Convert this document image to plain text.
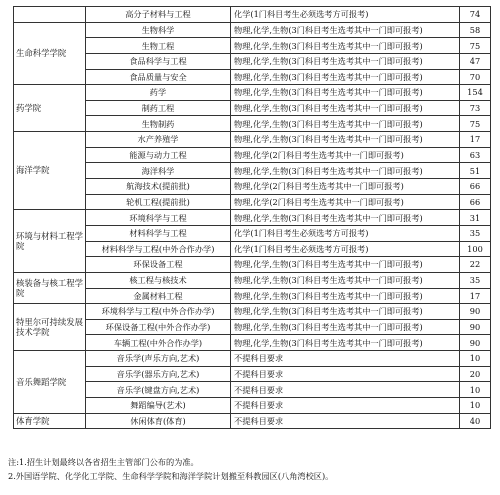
	高分子材料与工程	化学(1门科目考生必须选考方可报考)	74
生命科学学院	生物科学	物理,化学,生物(3门科目考生选考其中一门即可报考)	58
	生物工程	物理,化学,生物(3门科目考生选考其中一门即可报考)	75
	食品科学与工程	物理,化学,生物(3门科目考生选考其中一门即可报考)	47
	食品质量与安全	物理,化学,生物(3门科目考生选考其中一门即可报考)	70
药学院	药学	物理,化学,生物(3门科目考生选考其中一门即可报考)	154
	制药工程	物理,化学,生物(3门科目考生选考其中一门即可报考)	73
	生物制药	物理,化学,生物(3门科目考生选考其中一门即可报考)	75
海洋学院	水产养殖学	物理,化学,生物(3门科目考生选考其中一门即可报考)	17
	能源与动力工程	物理,化学(2门科目考生选考其中一门即可报考)	63
	海洋科学	物理,化学,生物(3门科目考生选考其中一门即可报考)	51
	航海技术(提前批)	物理,化学(2门科目考生选考其中一门即可报考)	66
	轮机工程(提前批)	物理,化学(2门科目考生选考其中一门即可报考)	66
环境与材料工程学院	环境科学与工程	物理,化学,生物(3门科目考生选考其中一门即可报考)	31
	材料科学与工程	化学(1门科目考生必须选考方可报考)	35
	材料科学与工程(中外合作办学)	化学(1门科目考生必须选考方可报考)	100
	环保设备工程	物理,化学,生物(3门科目考生选考其中一门即可报考)	22
核装备与核工程学院	核工程与核技术	物理,化学,生物(3门科目考生选考其中一门即可报考)	35
	金属材料工程	物理,化学,生物(3门科目考生选考其中一门即可报考)	17
特里尔可持续发展技术学院	环境科学与工程(中外合作办学)	物理,化学,生物(3门科目考生选考其中一门即可报考)	90
	环保设备工程(中外合作办学)	物理,化学,生物(3门科目考生选考其中一门即可报考)	90
	车辆工程(中外合作办学)	物理,化学,生物(3门科目考生选考其中一门即可报考)	90
音乐舞蹈学院	音乐学(声乐方向,艺术)	不提科目要求	10
	音乐学(器乐方向,艺术)	不提科目要求	20
	音乐学(键盘方向,艺术)	不提科目要求	10
	舞蹈编导(艺术)	不提科目要求	10
体育学院	休闲体育(体育)	不提科目要求	40
注:1.招生计划最终以各省招生主管部门公布的为准。
2.外国语学院、化学化工学院、生命科学学院和海洋学院计划搬至科教园区(八角湾校区)。
